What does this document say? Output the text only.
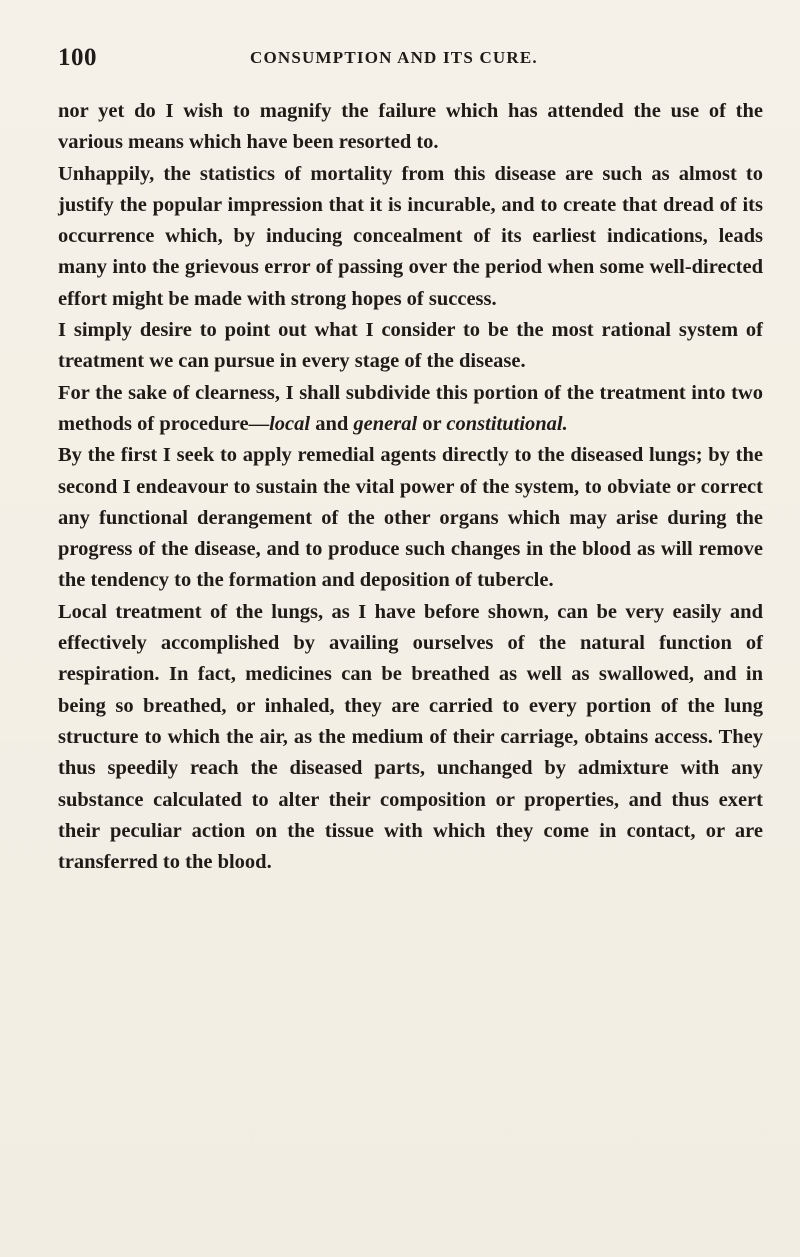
100	CONSUMPTION AND ITS CURE.

nor yet do I wish to magnify the failure which has attended the use of the various means which have been resorted to.

Unhappily, the statistics of mortality from this disease are such as almost to justify the popular impression that it is incurable, and to create that dread of its occurrence which, by inducing concealment of its earliest indications, leads many into the grievous error of passing over the period when some well-directed effort might be made with strong hopes of success.

I simply desire to point out what I consider to be the most rational system of treatment we can pursue in every stage of the disease.

For the sake of clearness, I shall subdivide this portion of the treatment into two methods of procedure—local and general or constitutional.

By the first I seek to apply remedial agents directly to the diseased lungs; by the second I endeavour to sustain the vital power of the system, to obviate or correct any functional derangement of the other organs which may arise during the progress of the disease, and to produce such changes in the blood as will remove the tendency to the formation and deposition of tubercle.

Local treatment of the lungs, as I have before shown, can be very easily and effectively accomplished by availing ourselves of the natural function of respiration. In fact, medicines can be breathed as well as swallowed, and in being so breathed, or inhaled, they are carried to every portion of the lung structure to which the air, as the medium of their carriage, obtains access. They thus speedily reach the diseased parts, unchanged by admixture with any substance calculated to alter their composition or properties, and thus exert their peculiar action on the tissue with which they come in contact, or are transferred to the blood.
